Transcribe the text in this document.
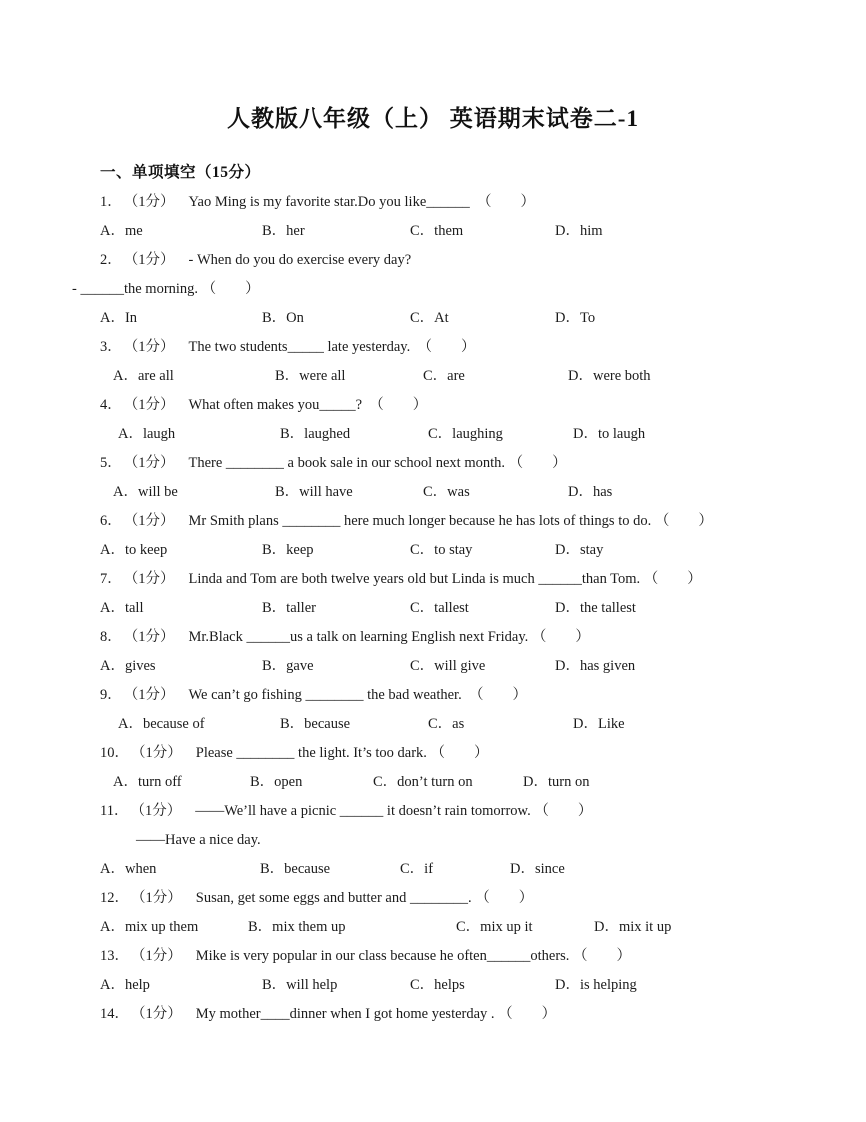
人教版八年级（上） 英语期末试卷二-1
一、单项填空（15分）
1． （1分） Yao Ming is my favorite star.Do you like______　（　　）
A．me	B．her	C．them	D．him
2． （1分） - When do you do exercise every day?
- ______the morning. （　　）
A．In	B．On	C．At	D．To
3． （1分） The two students_____ late yesterday.　（　　）
A．are all	B．were all	C．are	D．were both
4． （1分） What often makes you_____?　（　　）
A．laugh	B．laughed	C．laughing	D．to laugh
5． （1分） There ________ a book sale in our school next month. （　　）
A．will be	B．will have	C．was	D．has
6． （1分） Mr Smith plans ________ here much longer because he has lots of things to do. （　　）
A．to keep	B．keep	C．to stay	D．stay
7． （1分） Linda and Tom are both twelve years old but Linda is much ______than Tom. （　　）
A．tall	B．taller	C．tallest	D．the tallest
8． （1分） Mr.Black ______us a talk on learning English next Friday. （　　）
A．gives	B．gave	C．will give	D．has given
9． （1分） We can’t go fishing ________ the bad weather.　（　　）
A．because of	B．because	C．as	D．Like
10． （1分） Please ________ the light. It’s too dark. （　　）
A．turn off	B．open	C．don’t turn on	D．turn on
11． （1分） ——We’ll have a picnic ______ it doesn’t rain tomorrow. （　　）
——Have a nice day.
A．when	B．because	C．if	D．since
12． （1分） Susan, get some eggs and butter and ________. （　　）
A．mix up them	B．mix them up	C．mix up it	D．mix it up
13． （1分） Mike is very popular in our class because he often______others. （　　）
A．help	B．will help	C．helps	D．is helping
14． （1分） My mother____dinner when I got home yesterday . （　　）
